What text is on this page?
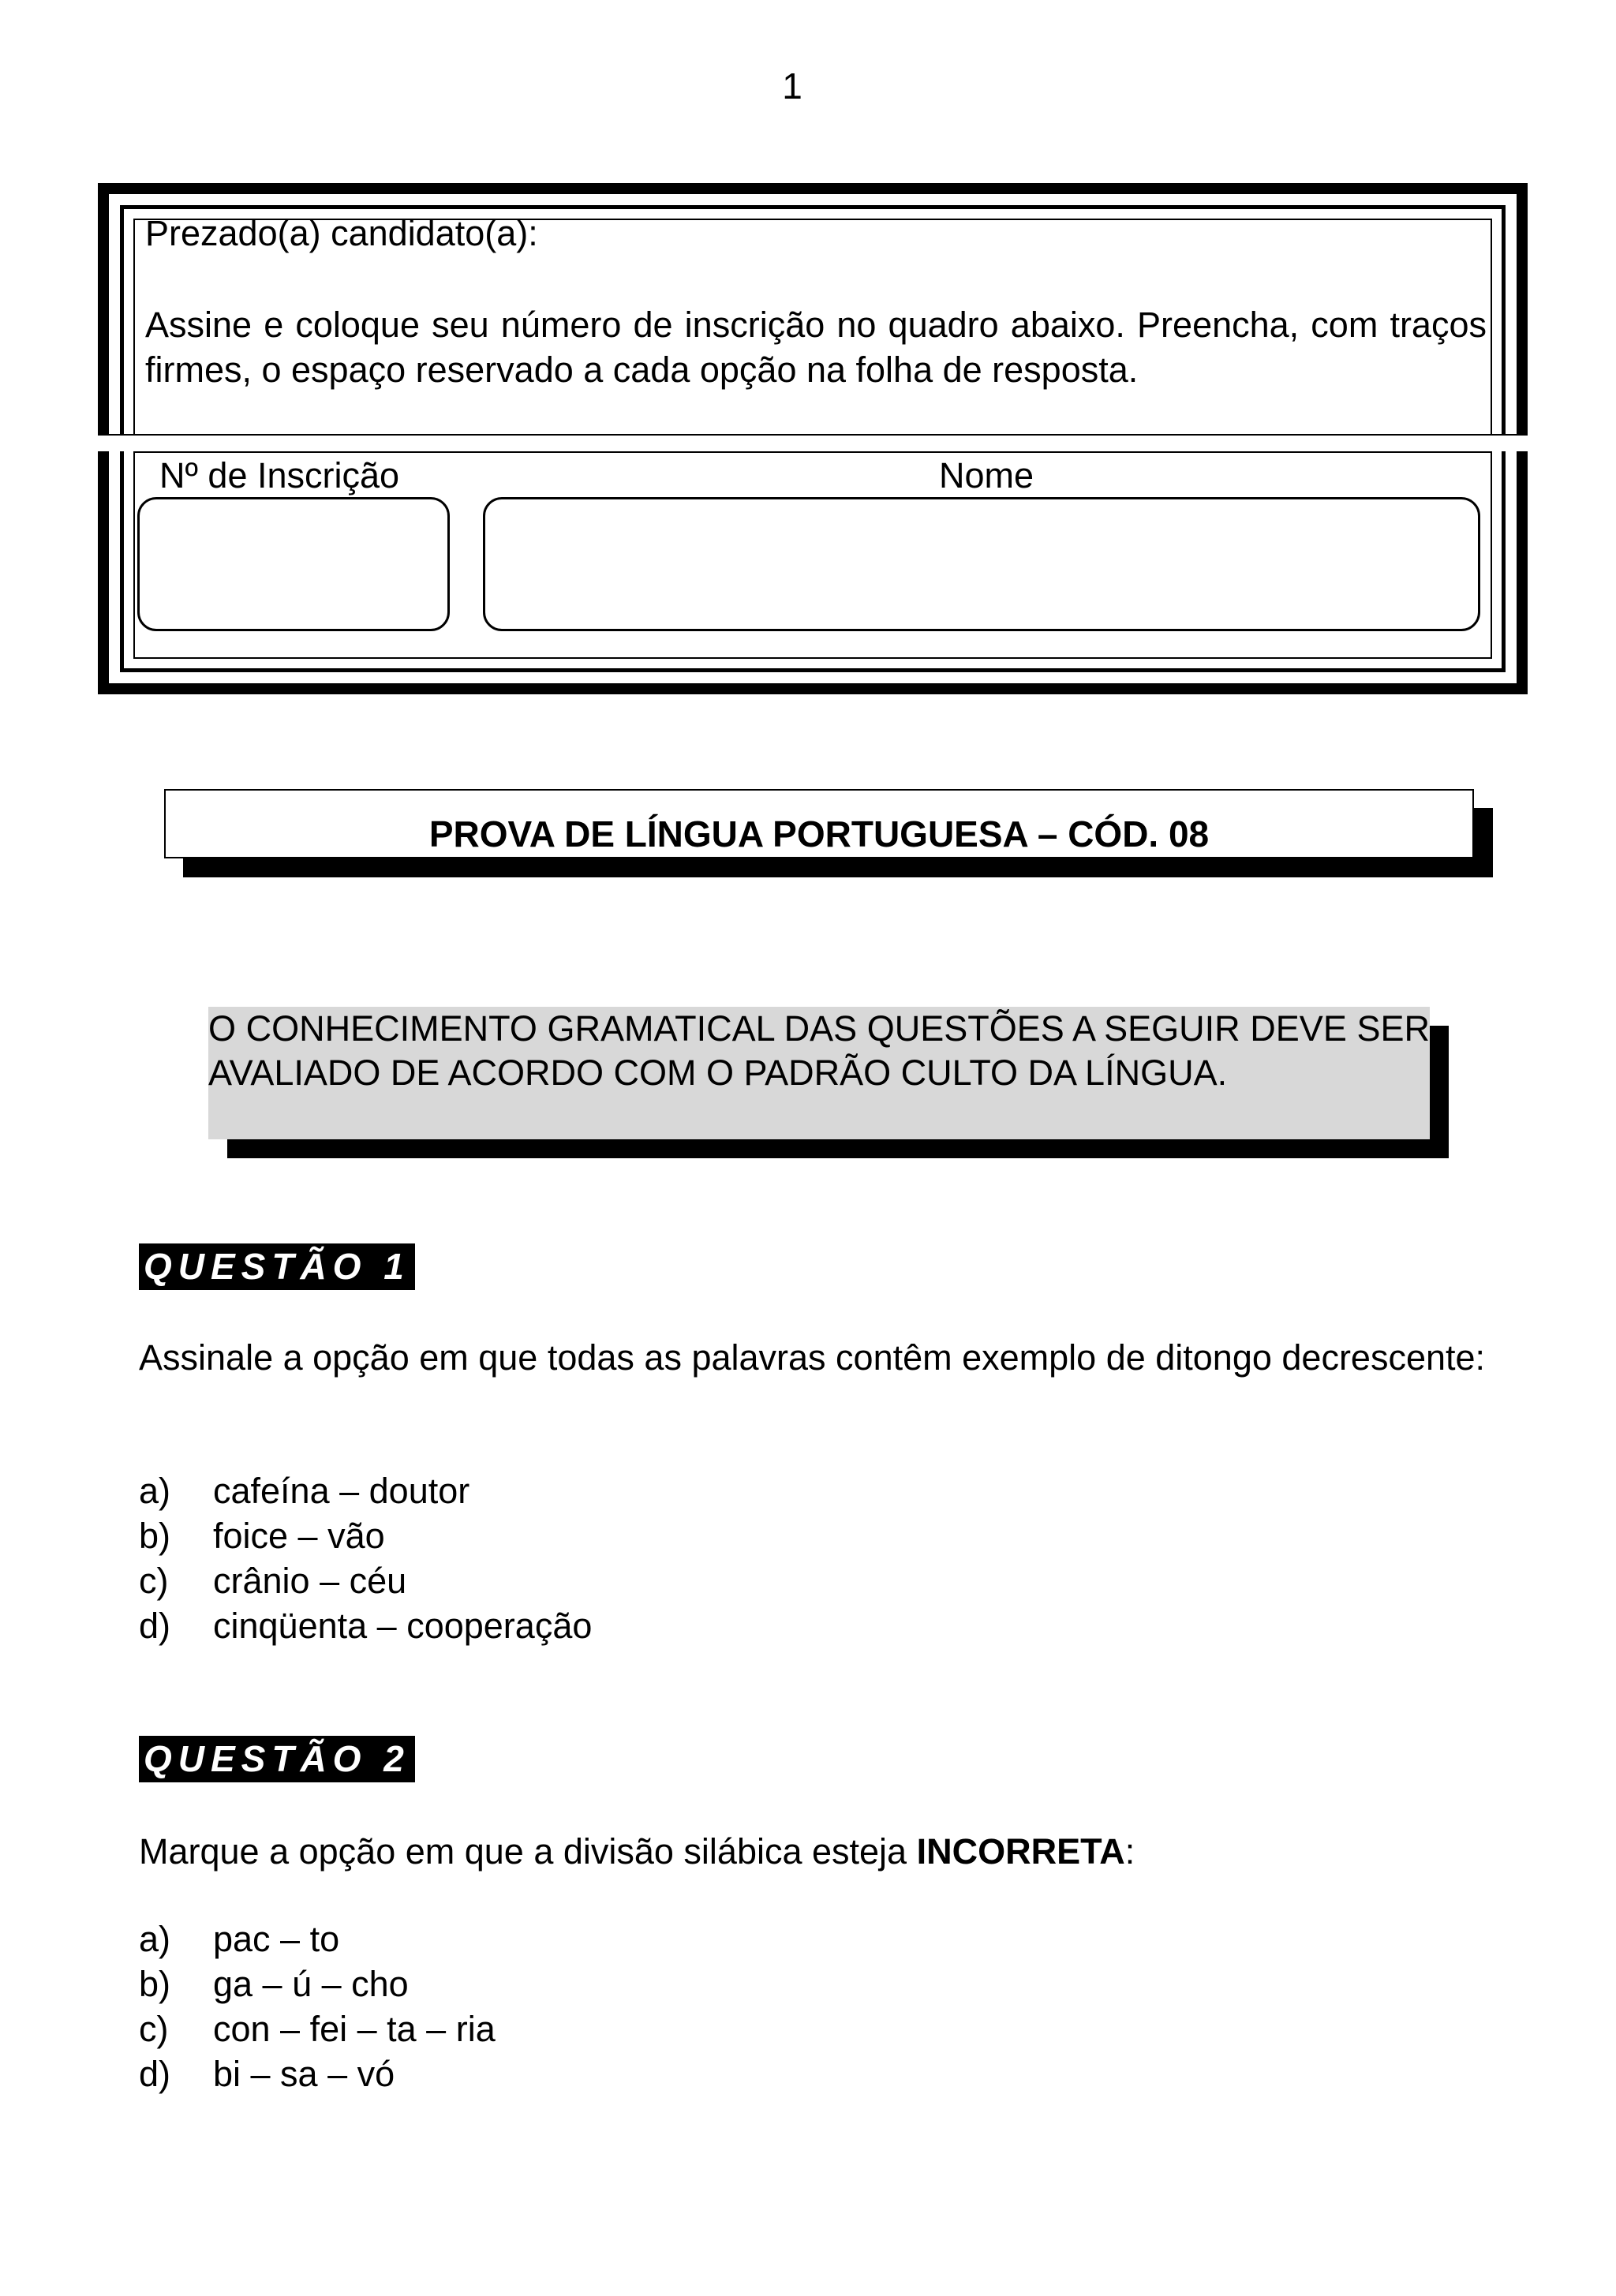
1
Prezado(a) candidato(a):
Assine e coloque seu número de inscrição no quadro abaixo. Preencha, com traços firmes, o espaço reservado a cada opção na folha de resposta.
Nº de Inscrição	Nome
PROVA DE LÍNGUA PORTUGUESA – CÓD. 08
O CONHECIMENTO GRAMATICAL DAS QUESTÕES A SEGUIR DEVE SER AVALIADO DE ACORDO COM O PADRÃO CULTO DA LÍNGUA.
QUESTÃO 1
Assinale a opção em que todas as palavras contêm exemplo de ditongo decrescente:
a) cafeína – doutor
b) foice – vão
c) crânio – céu
d) cinqüenta – cooperação
QUESTÃO 2
Marque a opção em que a divisão silábica esteja INCORRETA:
a) pac – to
b) ga – ú – cho
c) con – fei – ta – ria
d) bi – sa – vó
